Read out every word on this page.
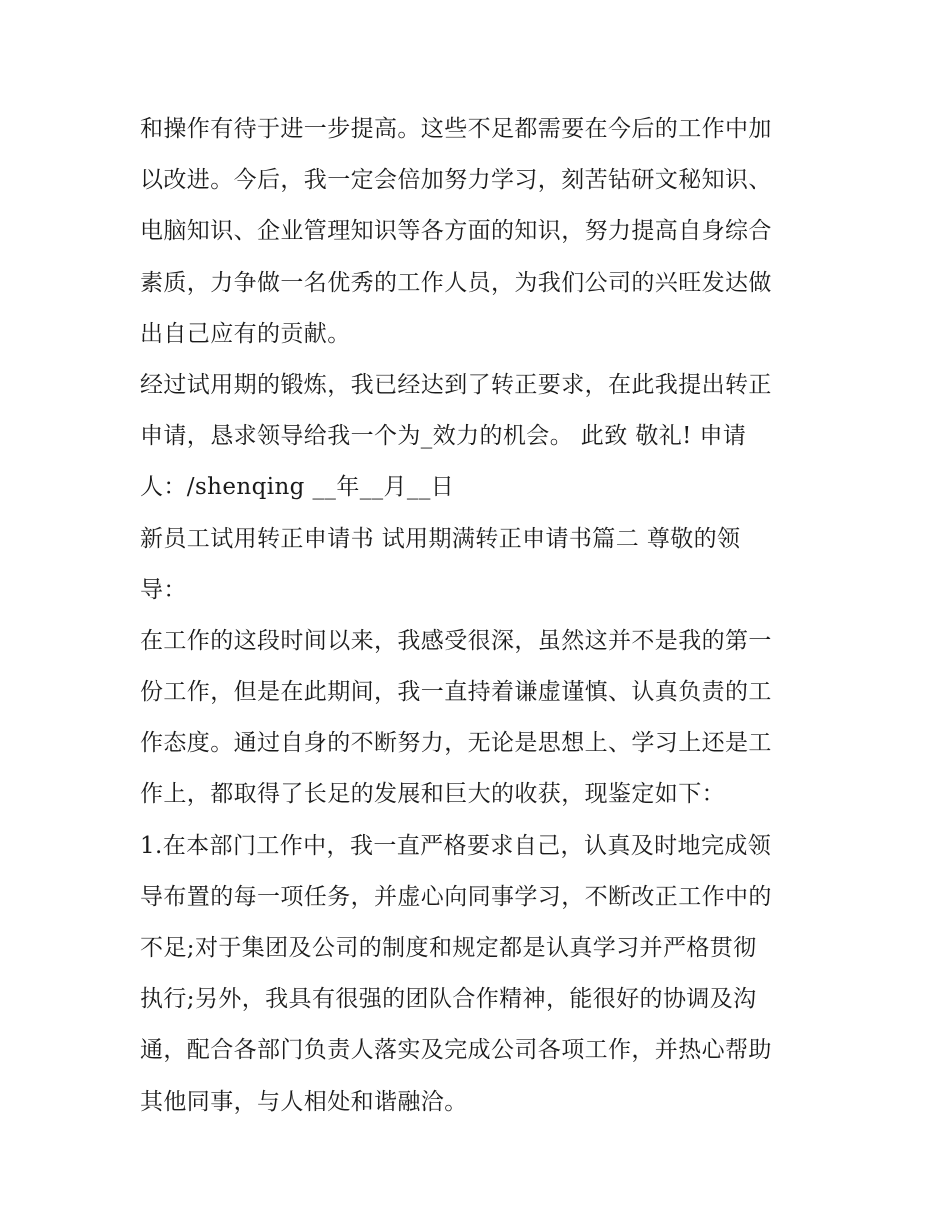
和操作有待于进一步提高。这些不足都需要在今后的工作中加
以改进。今后，我一定会倍加努力学习，刻苦钻研文秘知识、
电脑知识、企业管理知识等各方面的知识，努力提高自身综合
素质，力争做一名优秀的工作人员，为我们公司的兴旺发达做
出自己应有的贡献。
经过试用期的锻炼，我已经达到了转正要求，在此我提出转正
申请，恳求领导给我一个为_效力的机会。 此致 敬礼! 申请
人：/shenqing __年__月__日
新员工试用转正申请书 试用期满转正申请书篇二 尊敬的领
导：
在工作的这段时间以来，我感受很深，虽然这并不是我的第一
份工作，但是在此期间，我一直持着谦虚谨慎、认真负责的工
作态度。通过自身的不断努力，无论是思想上、学习上还是工
作上，都取得了长足的发展和巨大的收获，现鉴定如下：
1.在本部门工作中，我一直严格要求自己，认真及时地完成领
导布置的每一项任务，并虚心向同事学习，不断改正工作中的
不足;对于集团及公司的制度和规定都是认真学习并严格贯彻
执行;另外，我具有很强的团队合作精神，能很好的协调及沟
通，配合各部门负责人落实及完成公司各项工作，并热心帮助
其他同事，与人相处和谐融洽。
